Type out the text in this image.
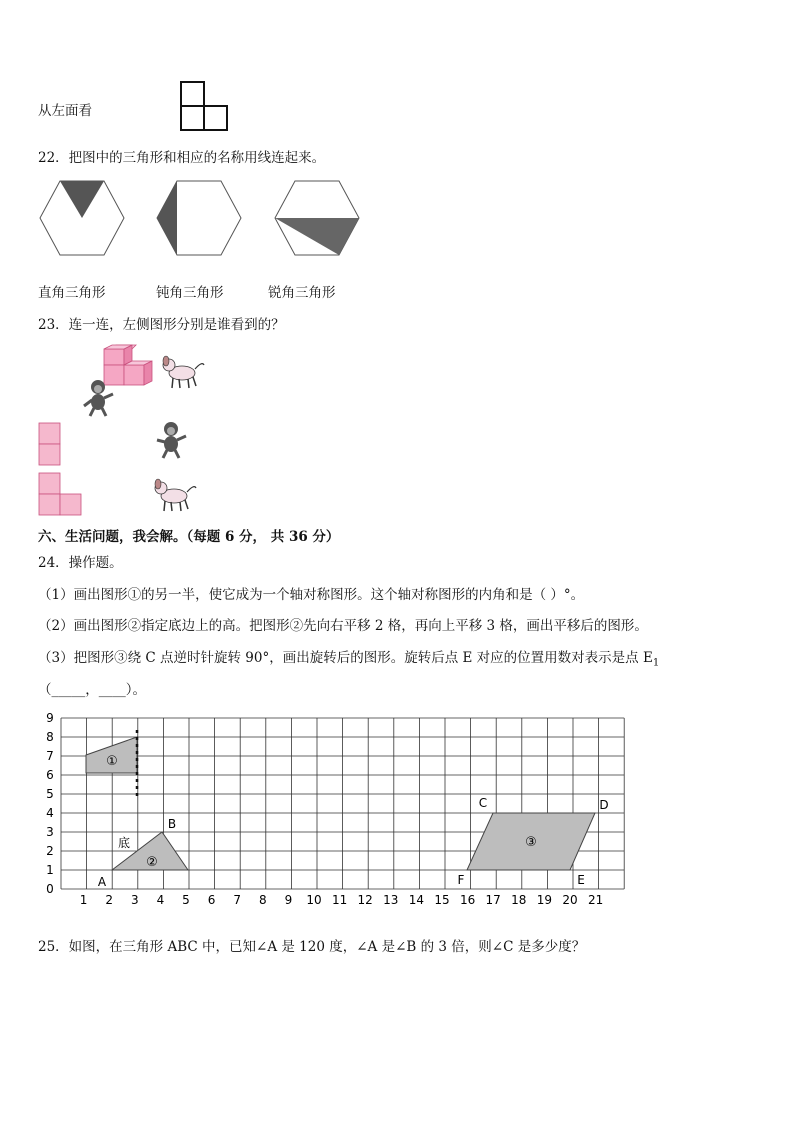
从左面看
22．把图中的三角形和相应的名称用线连起来。
直角三角形	钝角三角形	锐角三角形
23．连一连，左侧图形分别是谁看到的？
六、生活问题，我会解。（每题 6 分， 共 36 分）
24．操作题。
（1）画出图形①的另一半，使它成为一个轴对称图形。这个轴对称图形的内角和是（ ）°。
（2）画出图形②指定底边上的高。把图形②先向右平移 2 格，再向上平移 3 格，画出平移后的图形。
（3）把图形③绕 C 点逆时针旋转 90°，画出旋转后的图形。旋转后点 E 对应的位置用数对表示是点 $E_1$
（_____，____）。
①
②
底
A
B
③
C	D
E
F
1 2 3 4 5 6 7 8 9 10 11 12 13 14 15 16 17 18 19 20 21
0
1
2
3
4
5
6
7
8
9
25．如图，在三角形 ABC 中，已知∠A 是 120 度，∠A 是∠B 的 3 倍，则∠C 是多少度？
